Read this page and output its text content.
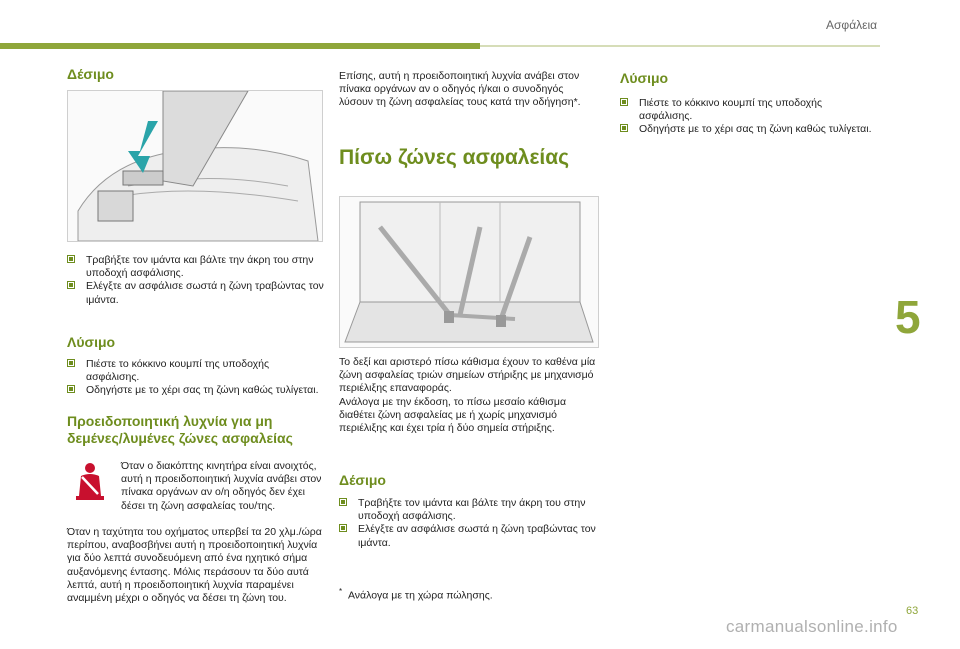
Ασφάλεια
5
63
carmanualsonline.info
Δέσιμο
Τραβήξτε τον ιμάντα και βάλτε την άκρη του στην υποδοχή ασφάλισης.
Ελέγξτε αν ασφάλισε σωστά η ζώνη τραβώντας τον ιμάντα.
Λύσιμο
Πιέστε το κόκκινο κουμπί της υποδοχής ασφάλισης.
Οδηγήστε με το χέρι σας τη ζώνη καθώς τυλίγεται.
Προειδοποιητική λυχνία για μη δεμένες/λυμένες ζώνες ασφαλείας

Όταν ο διακόπτης κινητήρα είναι ανοιχτός, αυτή η προειδοποιητική λυχνία ανάβει στον πίνακα οργάνων αν ο/η οδηγός δεν έχει δέσει τη ζώνη ασφαλείας του/της.

Όταν η ταχύτητα του οχήματος υπερβεί τα 20 χλμ./ώρα περίπου, αναβοσβήνει αυτή η προειδοποιητική λυχνία για δύο λεπτά συνοδευόμενη από ένα ηχητικό σήμα αυξανόμενης έντασης. Μόλις περάσουν τα δύο αυτά λεπτά, αυτή η προειδοποιητική λυχνία παραμένει αναμμένη μέχρι ο οδηγός να δέσει τη ζώνη του.

Επίσης, αυτή η προειδοποιητική λυχνία ανάβει στον πίνακα οργάνων αν ο οδηγός ή/και ο συνοδηγός λύσουν τη ζώνη ασφαλείας τους κατά την οδήγηση*.

Πίσω ζώνες ασφαλείας

Το δεξί και αριστερό πίσω κάθισμα έχουν το καθένα μία ζώνη ασφαλείας τριών σημείων στήριξης με μηχανισμό περιέλιξης επαναφοράς.

Ανάλογα με την έκδοση, το πίσω μεσαίο κάθισμα διαθέτει ζώνη ασφαλείας με ή χωρίς μηχανισμό περιέλιξης και έχει τρία ή δύο σημεία στήριξης.

Δέσιμο
Τραβήξτε τον ιμάντα και βάλτε την άκρη του στην υποδοχή ασφάλισης.
Ελέγξτε αν ασφάλισε σωστά η ζώνη τραβώντας τον ιμάντα.
* Ανάλογα με τη χώρα πώλησης.
Λύσιμο
Πιέστε το κόκκινο κουμπί της υποδοχής ασφάλισης.
Οδηγήστε με το χέρι σας τη ζώνη καθώς τυλίγεται.
